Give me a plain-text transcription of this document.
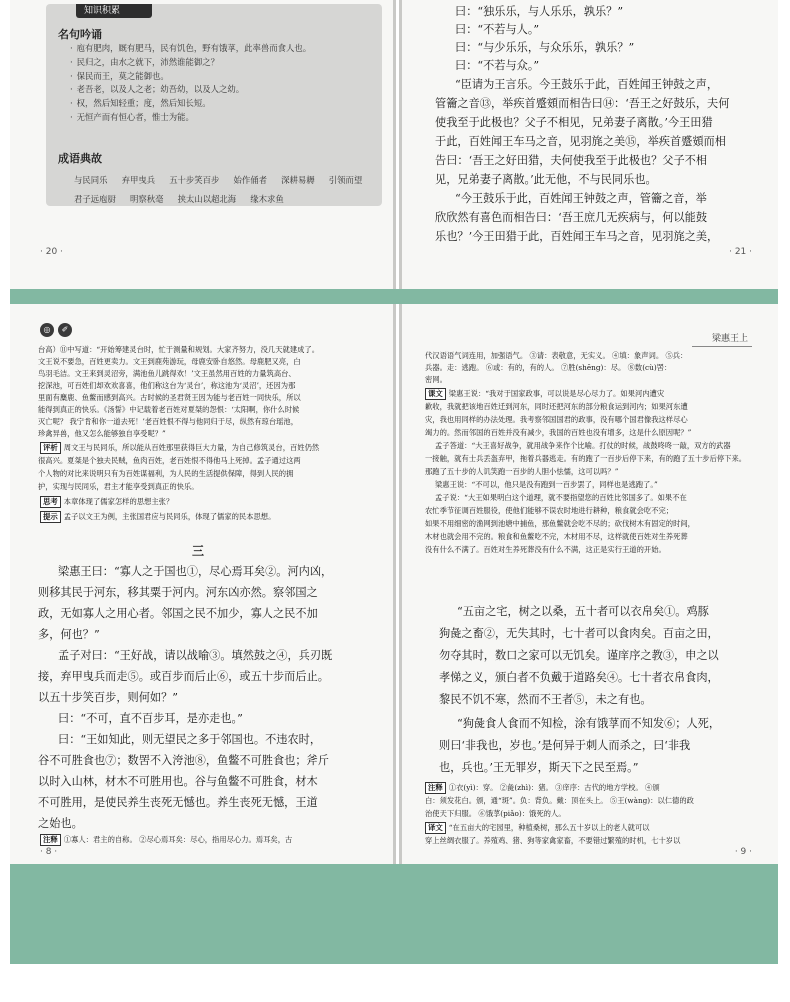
知识积累
名句吟诵
· 庖有肥肉，厩有肥马，民有饥色，野有饿莩，此率兽而食人也。
· 民归之，由水之就下，沛然谁能御之？
· 保民而王，莫之能御也。
· 老吾老，以及人之老；幼吾幼，以及人之幼。
· 权，然后知轻重；度，然后知长短。
· 无恒产而有恒心者，惟士为能。
成语典故
与民同乐 弃甲曳兵 五十步笑百步 始作俑者 深耕易耨 引领而望 君子远庖厨 明察秋毫 挟太山以超北海 缘木求鱼
· 20 ·
曰：“独乐乐，与人乐乐，孰乐？”
曰：“不若与人。”
曰：“与少乐乐，与众乐乐，孰乐？”
曰：“不若与众。”
“臣请为王言乐。今王鼓乐于此，百姓闻王钟鼓之声，
管籥之音⑬，举疾首蹙頞而相告曰⑭：‘吾王之好鼓乐，夫何
使我至于此极也？父子不相见，兄弟妻子离散。’今王田猎
于此，百姓闻王车马之音，见羽旄之美⑮，举疾首蹙頞而相
告曰：‘吾王之好田猎，夫何使我至于此极也？父子不相
见，兄弟妻子离散。’此无他，不与民同乐也。
“今王鼓乐于此，百姓闻王钟鼓之声，管籥之音，举
欣欣然有喜色而相告曰：‘吾王庶几无疾病与，何以能鼓
乐也？’今王田猎于此，百姓闻王车马之音，见羽旄之美，
· 21 ·
◎	✐
台高）⑪中写道：“开始筹建灵台时，忙于测量和规划。大家齐努力，没几天就建成了。
文王说不要急，百姓更卖力。文王到鹿苑游玩，母鹿安卧自悠然。母鹿肥又亮，白
鸟羽毛洁。文王来到灵沼旁，满池鱼儿跳得欢！’文王虽然用百姓的力量筑高台、
挖深池，可百姓们却欢欢喜喜，他们称这台为‘灵台’，称这池为‘灵沼’，还因为那
里面有麋鹿、鱼鳖而感到高兴。古时候的圣君贤王因为能与老百姓一同快乐，所以
能得到真正的快乐。《汤誓》中记载着老百姓对夏桀的怨恨：‘太阳啊，你什么时候
灭亡呢？ 我宁肯和你一道去死！’老百姓恨不得与他同归于尽，纵然有琼台瑶池，
珍禽异兽，他又怎么能够独自享受呢？”
评析 周文王与民同乐，所以能从百姓那里获得巨大力量，为自己修筑灵台，百姓仍然
很高兴。夏桀是个独夫民贼，鱼肉百姓，老百姓恨不得他马上死掉。孟子通过这两
个人物的对比来说明只有为百姓谋福利，为人民的生活提供保障，得到人民的拥
护，实现与民同乐，君主才能享受到真正的快乐。
思考 本章体现了儒家怎样的思想主张？
提示 孟子以文王为例，主张国君应与民同乐，体现了儒家的民本思想。
三
梁惠王曰：“寡人之于国也①，尽心焉耳矣②。河内凶，
则移其民于河东，移其粟于河内。河东凶亦然。察邻国之
政，无如寡人之用心者。邻国之民不加少，寡人之民不加
多，何也？”
孟子对曰：“王好战，请以战喻③。填然鼓之④，兵刃既
接，弃甲曳兵而走⑤。或百步而后止⑥，或五十步而后止。
以五十步笑百步，则何如？”
曰：“不可，直不百步耳，是亦走也。”
曰：“王如知此，则无望民之多于邻国也。不违农时，
谷不可胜食也⑦；数罟不入洿池⑧，鱼鳖不可胜食也；斧斤
以时入山林，材木不可胜用也。谷与鱼鳖不可胜食，材木
不可胜用，是使民养生丧死无憾也。养生丧死无憾，王道
之始也。
注释 ①寡人：君主的自称。 ②尽心焉耳矣：尽心，指用尽心力。焉耳矣，古
· 8 ·
梁惠王上
代汉语语气词连用，加强语气。 ③请：表敬意，无实义。 ④填：象声词。 ⑤兵：
兵器。走：逃跑。 ⑥或：有的，有的人。 ⑦胜(shēng)：尽。 ⑧数(cù)罟：
密网。
课文 梁惠王说：“我对于国家政事，可以说是尽心尽力了。如果河内遭灾
歉收，我就把该地百姓迁到河东，同时还把河东的部分粮食运到河内；如果河东遭
灾，我也用同样的办法处理。我考察邻国国君的政事，没有哪个国君像我这样尽心
竭力的。然而邻国的百姓并没有减少，我国的百姓也没有增多，这是什么原因呢？”
孟子答道：“大王喜好战争，就用战争来作个比喻。打仗的时候，战鼓咚咚一敲，双方的武器
一接触，就有士兵丢盔弃甲，拖着兵器逃走。有的跑了一百步后停下来，有的跑了五十步后停下来。
那跑了五十步的人讥笑跑一百步的人胆小怯懦，这可以吗？”
梁惠王说：“不可以，他只是没有跑到一百步罢了，同样也是逃跑了。”
孟子说：“大王如果明白这个道理，就不要指望您的百姓比邻国多了。如果不在
农忙季节征调百姓服役，使他们能够不误农时地进行耕种，粮食就会吃不完；
如果不用细密的渔网到池塘中捕鱼，那鱼鳖就会吃不尽的；砍伐树木有固定的时间，
木材也就会用不完的。粮食和鱼鳖吃不完，木材用不尽，这样就使百姓对生养死葬
没有什么不满了。百姓对生养死葬没有什么不满，这正是实行王道的开始。
“五亩之宅，树之以桑，五十者可以衣帛矣①。鸡豚
狗彘之畜②，无失其时，七十者可以食肉矣。百亩之田，
勿夺其时，数口之家可以无饥矣。谨庠序之教③，申之以
孝悌之义，颁白者不负戴于道路矣④。七十者衣帛食肉，
黎民不饥不寒，然而不王者⑤，未之有也。
“狗彘食人食而不知检，涂有饿莩而不知发⑥；人死，
则曰‘非我也，岁也。’是何异于刺人而杀之，曰‘非我
也，兵也。’王无罪岁，斯天下之民至焉。”
注释 ①衣(yì)：穿。 ②彘(zhì)：猪。 ③庠序：古代的地方学校。 ④颁
白：须发花白。颁，通“斑”。负：背负。戴：顶在头上。 ⑤王(wàng)：以仁德的政
治使天下归服。 ⑥饿莩(piǎo)：饿死的人。
译文 “在五亩大的宅园里，种植桑树，那么五十岁以上的老人就可以
穿上丝绸衣服了。养殖鸡、猪、狗等家禽家畜，不要错过繁殖的时机，七十岁以
· 9 ·
